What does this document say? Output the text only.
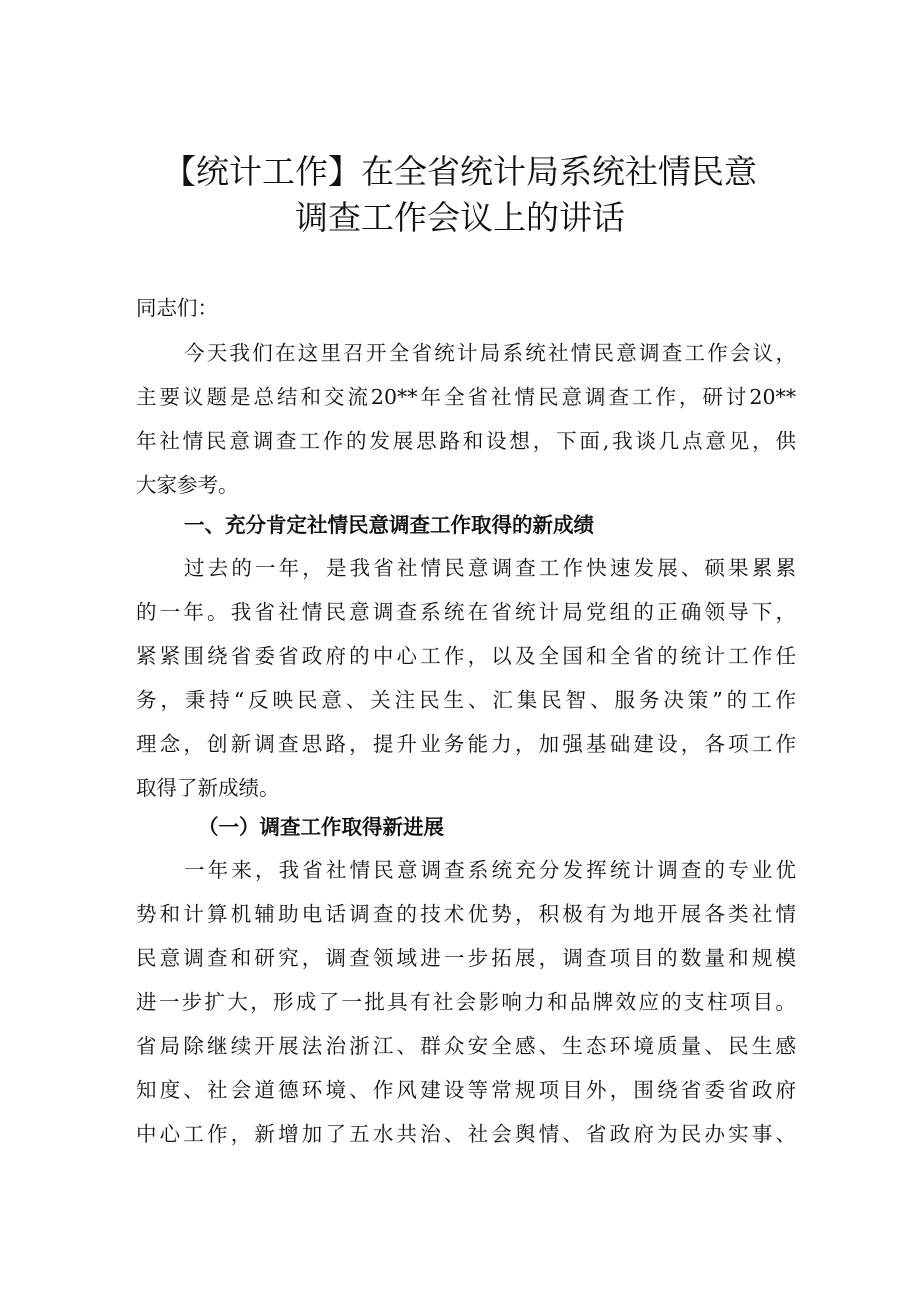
【统计工作】在全省统计局系统社情民意
调查工作会议上的讲话
同志们：
今天我们在这里召开全省统计局系统社情民意调查工作会议，
主要议题是总结和交流20**年全省社情民意调查工作，研讨20**
年社情民意调查工作的发展思路和设想，下面,我谈几点意见，供
大家参考。
一、充分肯定社情民意调查工作取得的新成绩
过去的一年，是我省社情民意调查工作快速发展、硕果累累
的一年。我省社情民意调查系统在省统计局党组的正确领导下，
紧紧围绕省委省政府的中心工作，以及全国和全省的统计工作任
务，秉持“反映民意、关注民生、汇集民智、服务决策”的工作
理念，创新调查思路，提升业务能力，加强基础建设，各项工作
取得了新成绩。
（一）调查工作取得新进展
一年来，我省社情民意调查系统充分发挥统计调查的专业优
势和计算机辅助电话调查的技术优势，积极有为地开展各类社情
民意调查和研究，调查领域进一步拓展，调查项目的数量和规模
进一步扩大，形成了一批具有社会影响力和品牌效应的支柱项目。
省局除继续开展法治浙江、群众安全感、生态环境质量、民生感
知度、社会道德环境、作风建设等常规项目外，围绕省委省政府
中心工作，新增加了五水共治、社会舆情、省政府为民办实事、
